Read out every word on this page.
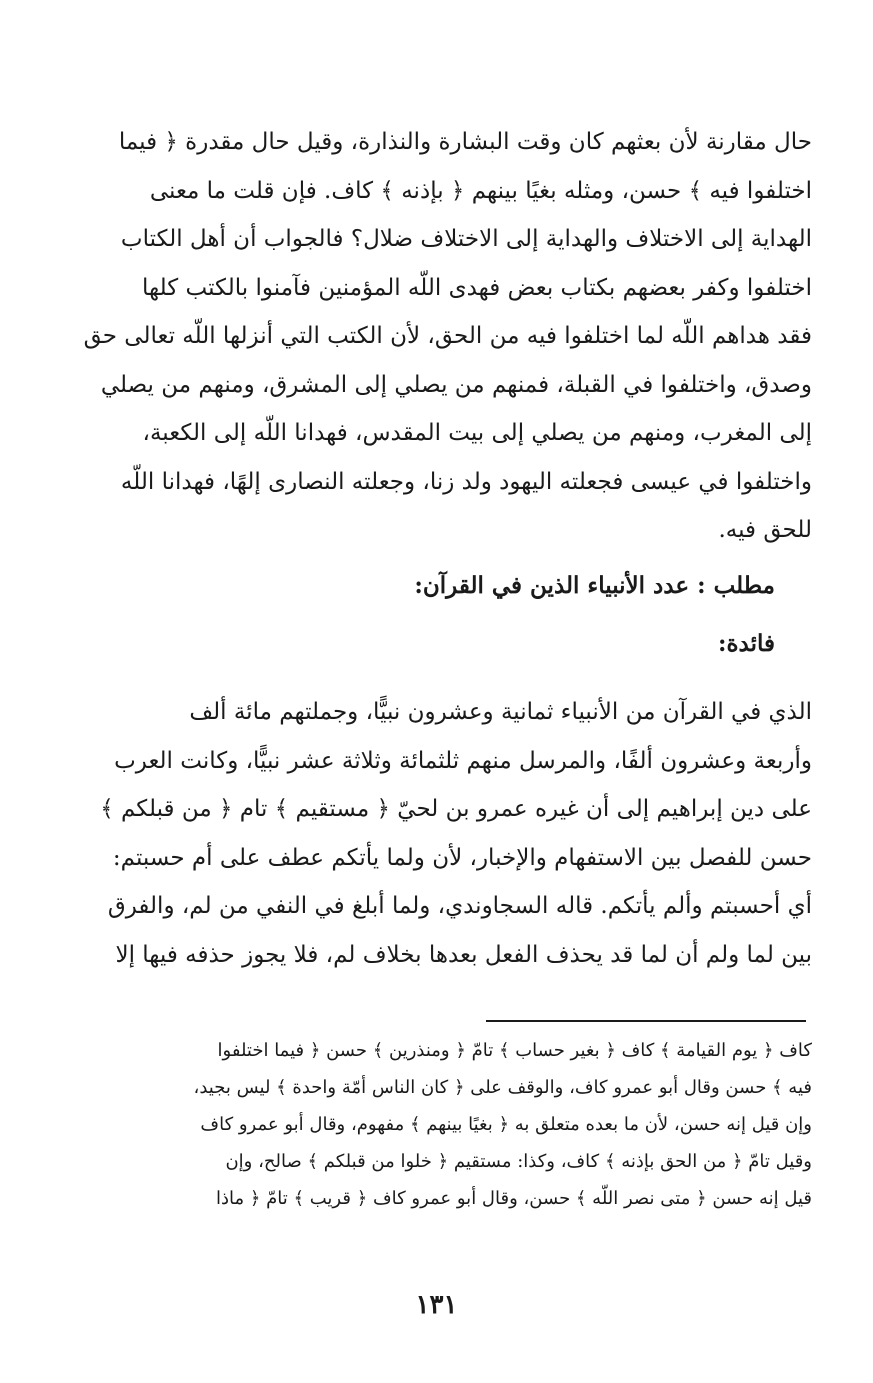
حال مقارنة لأن بعثهم كان وقت البشارة والنذارة، وقيل حال مقدرة ﴿ فيما
اختلفوا فيه ﴾ حسن، ومثله بغيًا بينهم ﴿ بإذنه ﴾ كاف. فإن قلت ما معنى
الهداية إلى الاختلاف والهداية إلى الاختلاف ضلال؟ فالجواب أن أهل الكتاب
اختلفوا وكفر بعضهم بكتاب بعض فهدى اللّه المؤمنين فآمنوا بالكتب كلها
فقد هداهم اللّه لما اختلفوا فيه من الحق، لأن الكتب التي أنزلها اللّه تعالى حق
وصدق، واختلفوا في القبلة، فمنهم من يصلي إلى المشرق، ومنهم من يصلي
إلى المغرب، ومنهم من يصلي إلى بيت المقدس، فهدانا اللّه إلى الكعبة،
واختلفوا في عيسى فجعلته اليهود ولد زنا، وجعلته النصارى إلهًا، فهدانا اللّه
للحق فيه.
مطلب : عدد الأنبياء الذين في القرآن:
فائدة:
الذي في القرآن من الأنبياء ثمانية وعشرون نبيًّا، وجملتهم مائة ألف
وأربعة وعشرون ألفًا، والمرسل منهم ثلثمائة وثلاثة عشر نبيًّا، وكانت العرب
على دين إبراهيم إلى أن غيره عمرو بن لحيّ ﴿ مستقيم ﴾ تام ﴿ من قبلكم ﴾
حسن للفصل بين الاستفهام والإخبار، لأن ولما يأتكم عطف على أم حسبتم:
أي أحسبتم وألم يأتكم. قاله السجاوندي، ولما أبلغ في النفي من لم، والفرق
بين لما ولم أن لما قد يحذف الفعل بعدها بخلاف لم، فلا يجوز حذفه فيها إلا
كاف ﴿ يوم القيامة ﴾ كاف ﴿ بغير حساب ﴾ تامّ ﴿ ومنذرين ﴾ حسن ﴿ فيما اختلفوا
فيه ﴾ حسن وقال أبو عمرو كاف، والوقف على ﴿ كان الناس أمّة واحدة ﴾ ليس بجيد،
وإن قيل إنه حسن، لأن ما بعده متعلق به ﴿ بغيًا بينهم ﴾ مفهوم، وقال أبو عمرو كاف
وقيل تامّ ﴿ من الحق بإذنه ﴾ كاف، وكذا: مستقيم ﴿ خلوا من قبلكم ﴾ صالح، وإن
قيل إنه حسن ﴿ متى نصر اللّه ﴾ حسن، وقال أبو عمرو كاف ﴿ قريب ﴾ تامّ ﴿ ماذا
١٣١
